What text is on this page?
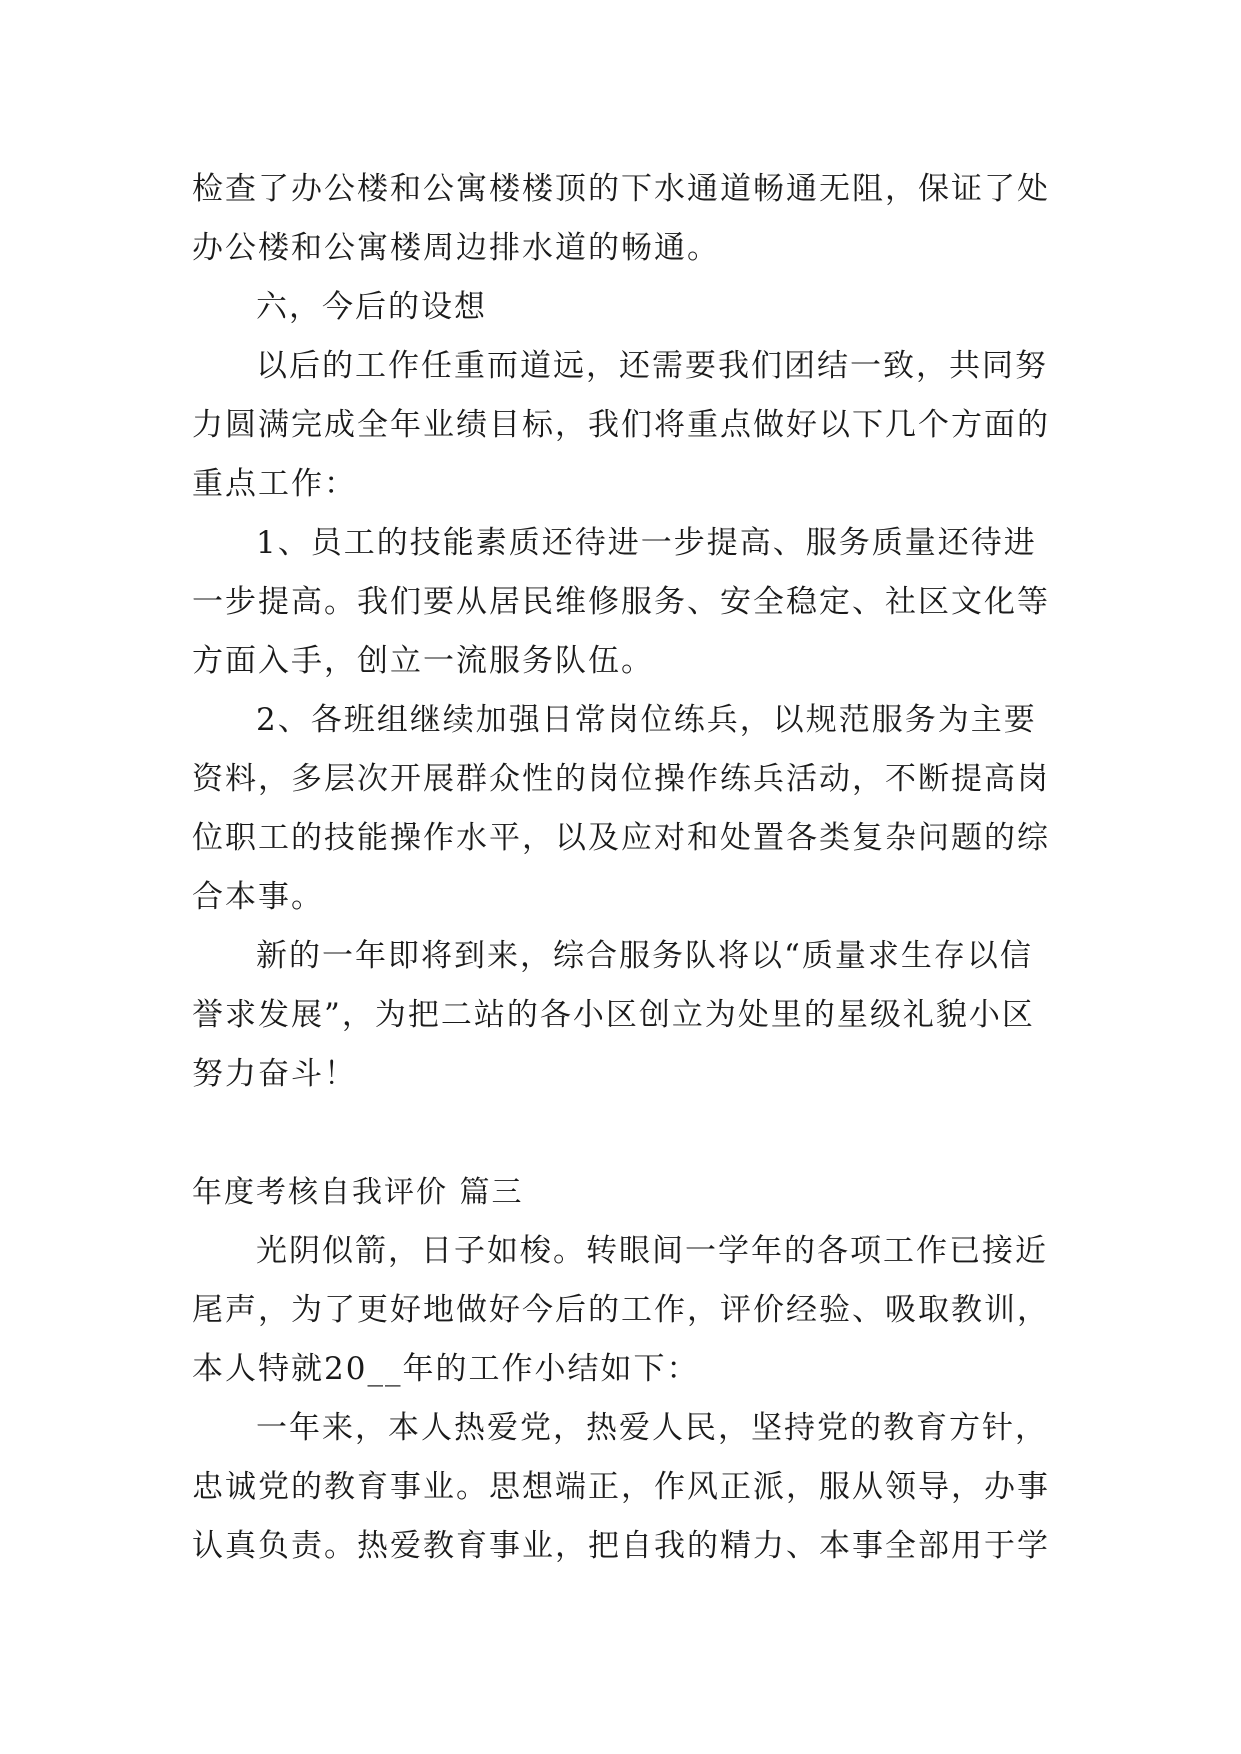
检查了办公楼和公寓楼楼顶的下水通道畅通无阻，保证了处
办公楼和公寓楼周边排水道的畅通。
六，今后的设想
以后的工作任重而道远，还需要我们团结一致，共同努
力圆满完成全年业绩目标，我们将重点做好以下几个方面的
重点工作：
1、员工的技能素质还待进一步提高、服务质量还待进
一步提高。我们要从居民维修服务、安全稳定、社区文化等
方面入手，创立一流服务队伍。
2、各班组继续加强日常岗位练兵，以规范服务为主要
资料，多层次开展群众性的岗位操作练兵活动，不断提高岗
位职工的技能操作水平，以及应对和处置各类复杂问题的综
合本事。
新的一年即将到来，综合服务队将以“质量求生存以信
誉求发展”，为把二站的各小区创立为处里的星级礼貌小区
努力奋斗！
年度考核自我评价 篇三
光阴似箭，日子如梭。转眼间一学年的各项工作已接近
尾声，为了更好地做好今后的工作，评价经验、吸取教训，
本人特就20__年的工作小结如下：
一年来，本人热爱党，热爱人民，坚持党的教育方针，
忠诚党的教育事业。思想端正，作风正派，服从领导，办事
认真负责。热爱教育事业，把自我的精力、本事全部用于学
